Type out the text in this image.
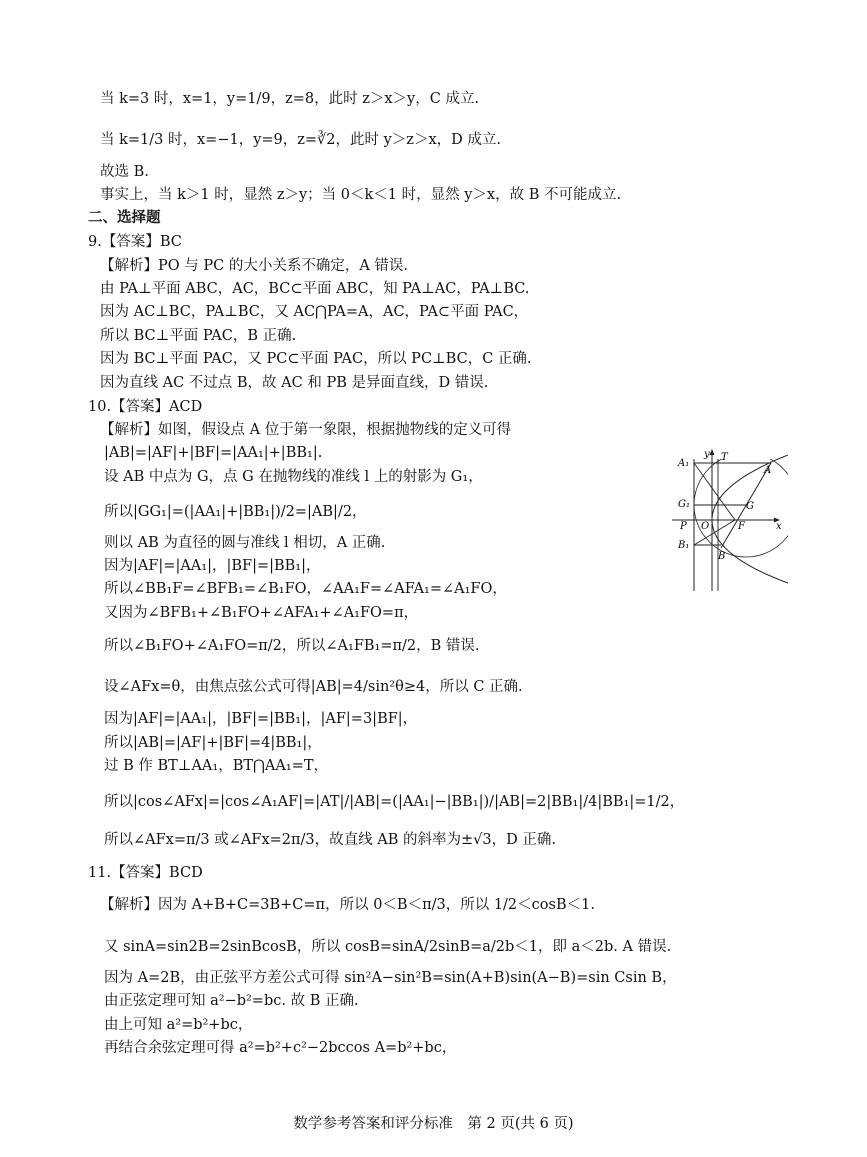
当 k=3 时，x=1，y=1/9，z=8，此时 z＞x＞y，C 成立.
当 k=1/3 时，x=−1，y=9，z=∛2，此时 y＞z＞x，D 成立.
故选 B.
事实上，当 k＞1 时，显然 z＞y；当 0＜k＜1 时，显然 y＞x，故 B 不可能成立.
二、选择题
9.【答案】BC
【解析】PO 与 PC 的大小关系不确定，A 错误.
由 PA⊥平面 ABC，AC，BC⊂平面 ABC，知 PA⊥AC，PA⊥BC.
因为 AC⊥BC，PA⊥BC，又 AC⋂PA=A，AC，PA⊂平面 PAC，
所以 BC⊥平面 PAC，B 正确.
因为 BC⊥平面 PAC，又 PC⊂平面 PAC，所以 PC⊥BC，C 正确.
因为直线 AC 不过点 B，故 AC 和 PB 是异面直线，D 错误.
10.【答案】ACD
【解析】如图，假设点 A 位于第一象限，根据抛物线的定义可得
|AB|=|AF|+|BF|=|AA₁|+|BB₁|.
设 AB 中点为 G，点 G 在抛物线的准线 l 上的射影为 G₁，
所以|GG₁|=(|AA₁|+|BB₁|)/2=|AB|/2，
则以 AB 为直径的圆与准线 l 相切，A 正确.
因为|AF|=|AA₁|，|BF|=|BB₁|，
所以∠BB₁F=∠BFB₁=∠B₁FO，∠AA₁F=∠AFA₁=∠A₁FO，
又因为∠BFB₁+∠B₁FO+∠AFA₁+∠A₁FO=π，
所以∠B₁FO+∠A₁FO=π/2，所以∠A₁FB₁=π/2，B 错误.
设∠AFx=θ，由焦点弦公式可得|AB|=4/sin²θ≥4，所以 C 正确.
因为|AF|=|AA₁|，|BF|=|BB₁|，|AF|=3|BF|，
所以|AB|=|AF|+|BF|=4|BB₁|，
过 B 作 BT⊥AA₁，BT⋂AA₁=T，
所以|cos∠AFx|=|cos∠A₁AF|=|AT|/|AB|=(|AA₁|−|BB₁|)/|AB|=2|BB₁|/4|BB₁|=1/2，
所以∠AFx=π/3 或∠AFx=2π/3，故直线 AB 的斜率为±√3，D 正确.
11.【答案】BCD
【解析】因为 A+B+C=3B+C=π，所以 0＜B＜π/3，所以 1/2＜cosB＜1.
又 sinA=sin2B=2sinBcosB，所以 cosB=sinA/2sinB=a/2b＜1，即 a＜2b. A 错误.
因为 A=2B，由正弦平方差公式可得 sin²A−sin²B=sin(A+B)sin(A−B)=sin Csin B，
由正弦定理可知 a²−b²=bc. 故 B 正确.
由上可知 a²=b²+bc，
再结合余弦定理可得 a²=b²+c²−2bccos A=b²+bc，
y T
A₁
A
G₁	G
P O	F	x
B₁
B
数学参考答案和评分标准　第 2 页(共 6 页)
